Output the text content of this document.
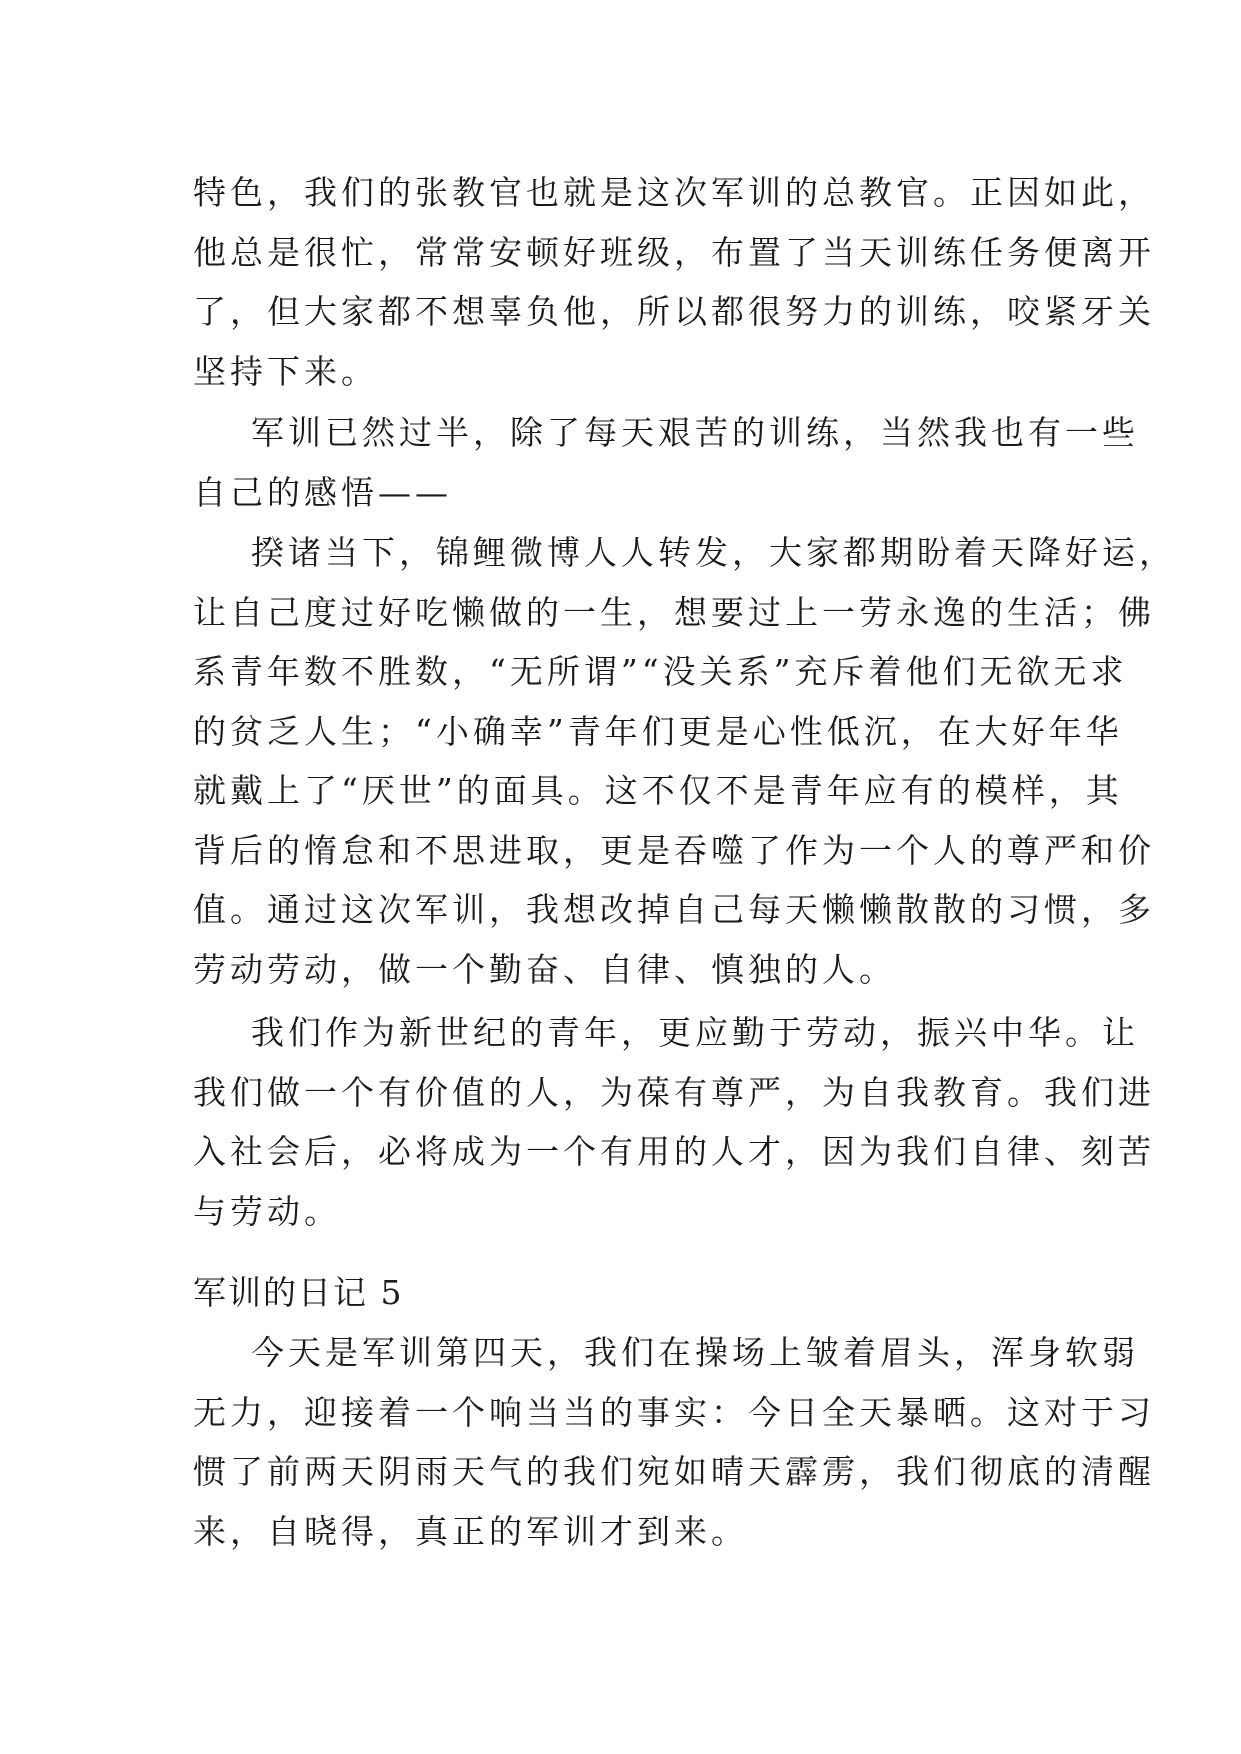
特色，我们的张教官也就是这次军训的总教官。正因如此，
他总是很忙，常常安顿好班级，布置了当天训练任务便离开
了，但大家都不想辜负他，所以都很努力的训练，咬紧牙关
坚持下来。

军训已然过半，除了每天艰苦的训练，当然我也有一些
自己的感悟——

揆诸当下，锦鲤微博人人转发，大家都期盼着天降好运，
让自己度过好吃懒做的一生，想要过上一劳永逸的生活；佛
系青年数不胜数，“无所谓”“没关系”充斥着他们无欲无求
的贫乏人生；“小确幸”青年们更是心性低沉，在大好年华
就戴上了“厌世”的面具。这不仅不是青年应有的模样，其
背后的惰怠和不思进取，更是吞噬了作为一个人的尊严和价
值。通过这次军训，我想改掉自己每天懒懒散散的习惯，多
劳动劳动，做一个勤奋、自律、慎独的人。

我们作为新世纪的青年，更应勤于劳动，振兴中华。让
我们做一个有价值的人，为葆有尊严，为自我教育。我们进
入社会后，必将成为一个有用的人才，因为我们自律、刻苦
与劳动。

军训的日记 5

今天是军训第四天，我们在操场上皱着眉头，浑身软弱
无力，迎接着一个响当当的事实：今日全天暴晒。这对于习
惯了前两天阴雨天气的我们宛如晴天霹雳，我们彻底的清醒
来，自晓得，真正的军训才到来。
